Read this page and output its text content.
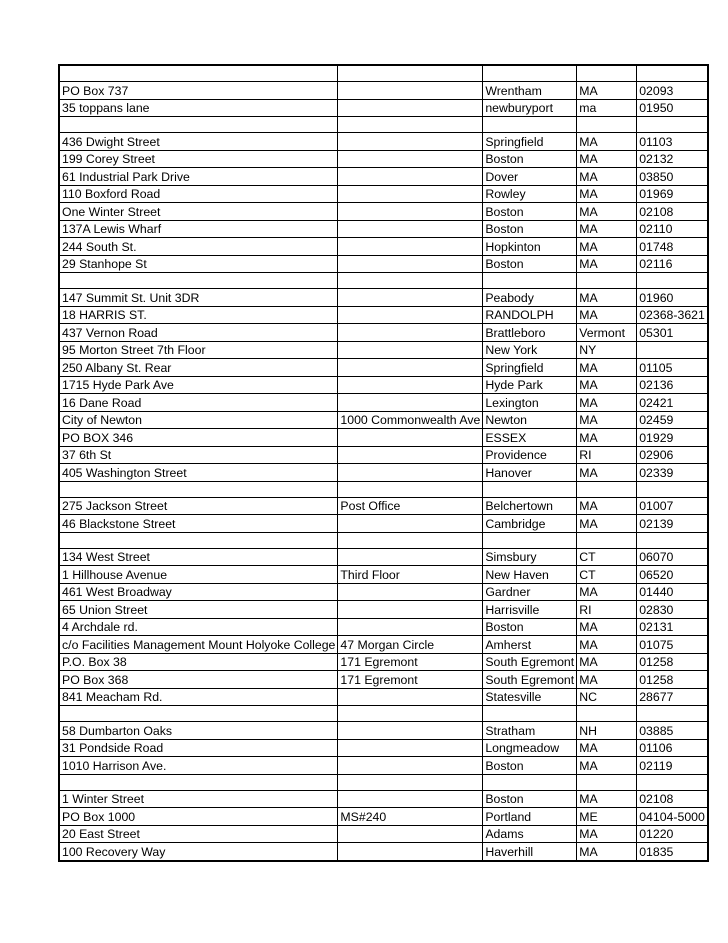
PO Box 737		Wrentham	MA	02093
35 toppans lane		newburyport	ma	01950

436 Dwight Street		Springfield	MA	01103
199 Corey Street		Boston	MA	02132
61 Industrial Park Drive		Dover	MA	03850
110 Boxford Road		Rowley	MA	01969
One Winter Street		Boston	MA	02108
137A Lewis Wharf		Boston	MA	02110
244 South St.		Hopkinton	MA	01748
29 Stanhope St		Boston	MA	02116

147 Summit St. Unit 3DR		Peabody	MA	01960
18 HARRIS ST.		RANDOLPH	MA	02368-3621
437 Vernon Road		Brattleboro	Vermont	05301
95 Morton Street 7th Floor		New York	NY	
250 Albany St. Rear		Springfield	MA	01105
1715 Hyde Park Ave		Hyde Park	MA	02136
16 Dane Road		Lexington	MA	02421
City of Newton	1000 Commonwealth Ave	Newton	MA	02459
PO BOX 346		ESSEX	MA	01929
37 6th St		Providence	RI	02906
405 Washington Street		Hanover	MA	02339

275 Jackson Street	Post Office	Belchertown	MA	01007
46 Blackstone Street		Cambridge	MA	02139

134 West Street		Simsbury	CT	06070
1 Hillhouse Avenue	Third Floor	New Haven	CT	06520
461 West Broadway		Gardner	MA	01440
65 Union Street		Harrisville	RI	02830
4 Archdale rd.		Boston	MA	02131
c/o Facilities Management Mount Holyoke College	47 Morgan Circle	Amherst	MA	01075
P.O. Box 38	171 Egremont	South Egremont	MA	01258
PO Box 368	171 Egremont	South Egremont	MA	01258
841 Meacham Rd.		Statesville	NC	28677

58 Dumbarton Oaks		Stratham	NH	03885
31 Pondside Road		Longmeadow	MA	01106
1010 Harrison Ave.		Boston	MA	02119

1 Winter Street		Boston	MA	02108
PO Box 1000	MS#240	Portland	ME	04104-5000
20 East Street		Adams	MA	01220
100 Recovery Way		Haverhill	MA	01835
